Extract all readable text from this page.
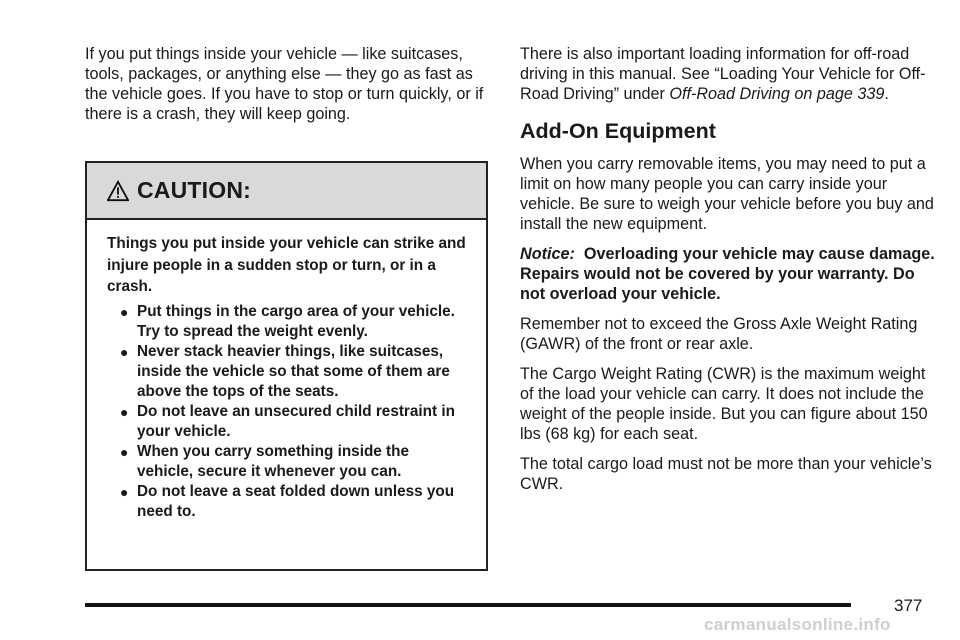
If you put things inside your vehicle — like suitcases, tools, packages, or anything else — they go as fast as the vehicle goes. If you have to stop or turn quickly, or if there is a crash, they will keep going.

CAUTION:

Things you put inside your vehicle can strike and injure people in a sudden stop or turn, or in a crash.

● Put things in the cargo area of your vehicle. Try to spread the weight evenly.
● Never stack heavier things, like suitcases, inside the vehicle so that some of them are above the tops of the seats.
● Do not leave an unsecured child restraint in your vehicle.
● When you carry something inside the vehicle, secure it whenever you can.
● Do not leave a seat folded down unless you need to.

There is also important loading information for off-road driving in this manual. See “Loading Your Vehicle for Off-Road Driving” under Off-Road Driving on page 339.

Add-On Equipment

When you carry removable items, you may need to put a limit on how many people you can carry inside your vehicle. Be sure to weigh your vehicle before you buy and install the new equipment.

Notice: Overloading your vehicle may cause damage. Repairs would not be covered by your warranty. Do not overload your vehicle.

Remember not to exceed the Gross Axle Weight Rating (GAWR) of the front or rear axle.

The Cargo Weight Rating (CWR) is the maximum weight of the load your vehicle can carry. It does not include the weight of the people inside. But you can figure about 150 lbs (68 kg) for each seat.

The total cargo load must not be more than your vehicle’s CWR.

377
carmanualsonline.info
